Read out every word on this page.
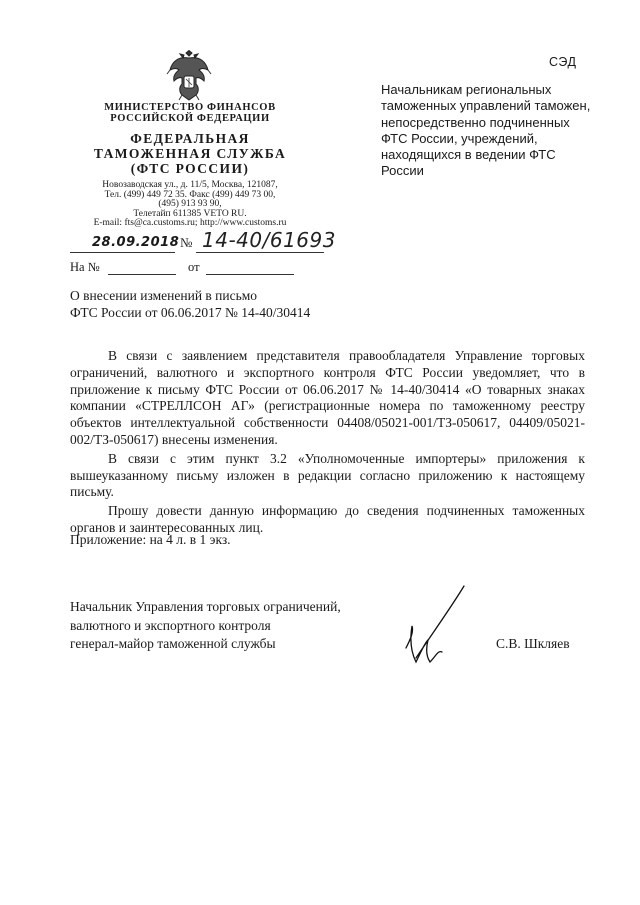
МИНИСТЕРСТВО ФИНАНСОВ
РОССИЙСКОЙ ФЕДЕРАЦИИ
ФЕДЕРАЛЬНАЯ
ТАМОЖЕННАЯ СЛУЖБА
(ФТС РОССИИ)
Новозаводская ул., д. 11/5, Москва, 121087,
Тел. (499) 449 72 35. Факс (499) 449 73 00,
(495) 913 93 90,
Телетайп 611385 VETO RU.
E-mail: fts@ca.customs.ru; http://www.customs.ru
СЭД
Начальникам региональных таможенных управлений таможен, непосредственно подчиненных ФТС России, учреждений, находящихся в ведении ФТС России
28.09.2018 № 14-40/61693
На №	от
О внесении изменений в письмо
ФТС России от 06.06.2017 № 14-40/30414

В связи с заявлением представителя правообладателя Управление торговых ограничений, валютного и экспортного контроля ФТС России уведомляет, что в приложение к письму ФТС России от 06.06.2017 № 14-40/30414 «О товарных знаках компании «СТРЕЛЛСОН АГ» (регистрационные номера по таможенному реестру объектов интеллектуальной собственности 04408/05021-001/ТЗ-050617, 04409/05021-002/ТЗ-050617) внесены изменения.

В связи с этим пункт 3.2 «Уполномоченные импортеры» приложения к вышеуказанному письму изложен в редакции согласно приложению к настоящему письму.

Прошу довести данную информацию до сведения подчиненных таможенных органов и заинтересованных лиц.

Приложение: на 4 л. в 1 экз.
Начальник Управления торговых ограничений,
валютного и экспортного контроля
генерал-майор таможенной службы	С.В. Шкляев
